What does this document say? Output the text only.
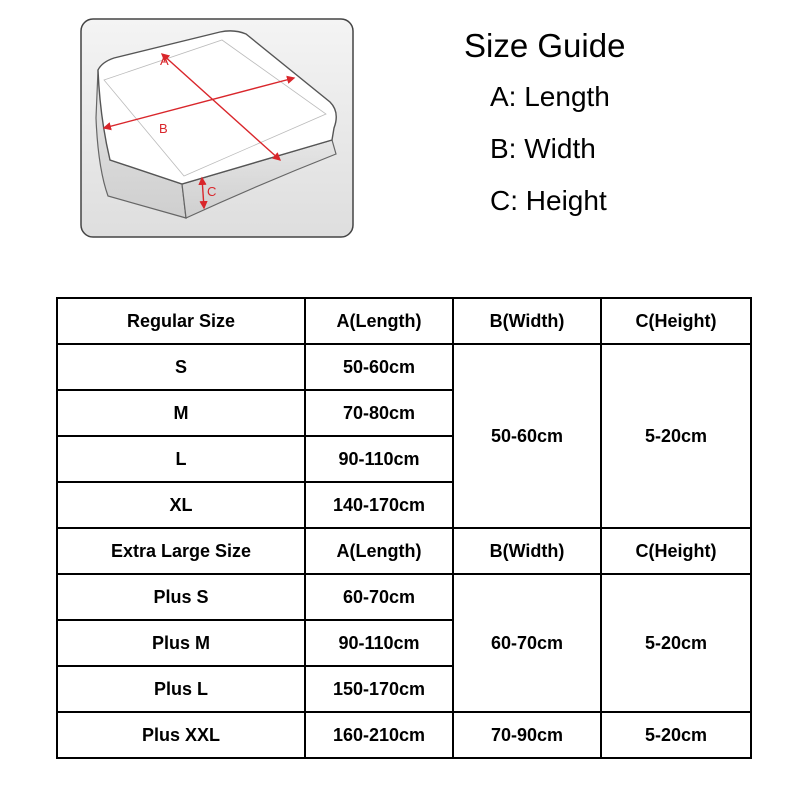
A
B
C
Size Guide
A: Length
B: Width
C: Height
Regular Size	A(Length)	B(Width)	C(Height)
S	50-60cm	50-60cm	5-20cm
M	70-80cm		
L	90-110cm		
XL	140-170cm		
Extra Large Size	A(Length)	B(Width)	C(Height)
Plus S	60-70cm	60-70cm	5-20cm
Plus M	90-110cm		
Plus L	150-170cm		
Plus XXL	160-210cm	70-90cm	5-20cm
